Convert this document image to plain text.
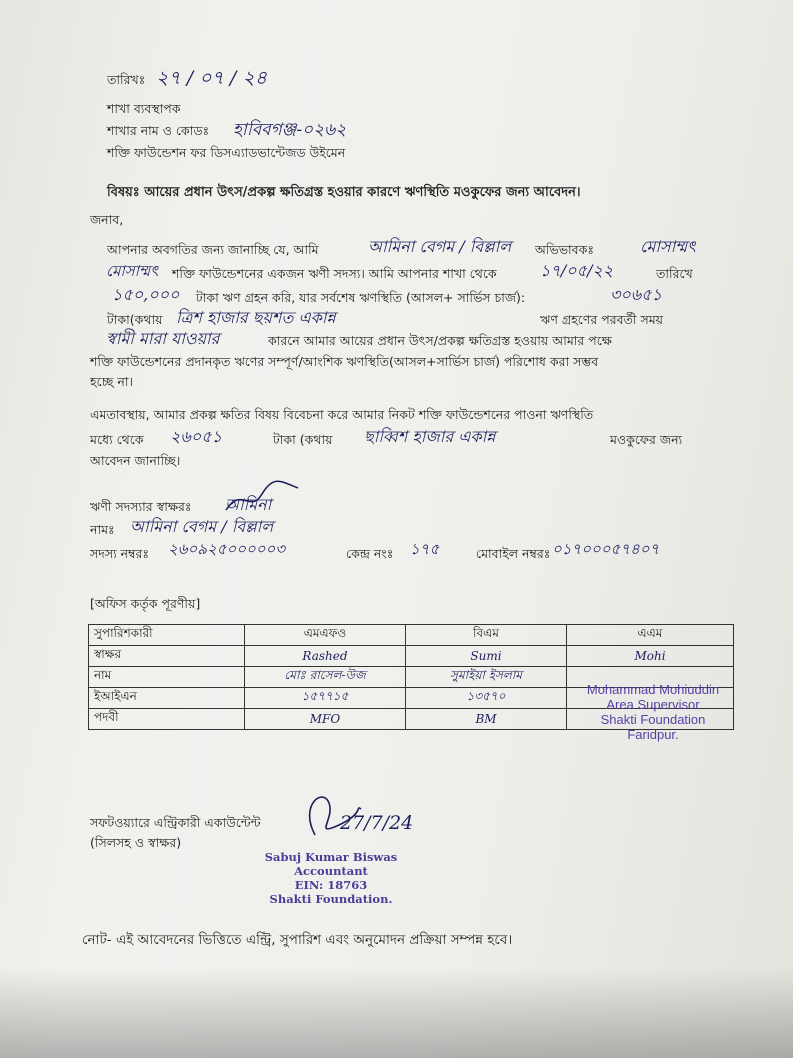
তারিখঃ ২৭ / ০৭ / ২৪
শাখা ব্যবস্থাপক
শাখার নাম ও কোডঃ হাবিবগঞ্জ-০২৬২
শক্তি ফাউন্ডেশন ফর ডিসএ্যাডভান্টেজড উইমেন
বিষয়ঃ আয়ের প্রধান উৎস/প্রকল্প ক্ষতিগ্রস্ত হওয়ার কারণে ঋণস্থিতি মওকুফের জন্য আবেদন।
জনাব,
আপনার অবগতির জন্য জানাচ্ছি যে, আমি	আমিনা বেগম / বিল্লাল অভিভাবকঃ	মোসাম্মৎ
মোসাম্মৎ শক্তি ফাউন্ডেশনের একজন ঋণী সদস্য। আমি আপনার শাখা থেকে	১৭/০৫/২২	তারিখে
১৫০,০০০ টাকা ঋণ গ্রহন করি, যার সর্বশেষ ঋণস্থিতি (আসল+ সার্ভিস চার্জ):	৩০৬৫১
টাকা(কথায় ত্রিশ হাজার ছয়শত একান্ন	ঋণ গ্রহণের পরবর্তী সময়
স্বামী মারা যাওয়ার	কারনে আমার আয়ের প্রধান উৎস/প্রকল্প ক্ষতিগ্রস্ত হওয়ায় আমার পক্ষে
শক্তি ফাউন্ডেশনের প্রদানকৃত ঋণের সম্পূর্ণ/আংশিক ঋণস্থিতি(আসল+সার্ভিস চার্জ) পরিশোধ করা সম্ভব
হচ্ছে না।
এমতাবস্থায়, আমার প্রকল্প ক্ষতির বিষয় বিবেচনা করে আমার নিকট শক্তি ফাউন্ডেশনের পাওনা ঋণস্থিতি
মধ্যে থেকে ২৬০৫১	টাকা (কথায় ছাব্বিশ হাজার একান্ন	মওকুফের জন্য
আবেদন জানাচ্ছি।
ঋণী সদস্যার স্বাক্ষরঃ আমিনা
নামঃ আমিনা বেগম / বিল্লাল
সদস্য নম্বরঃ ২৬০৯২৫০০০০০৩	কেন্দ্র নংঃ ১৭৫	মোবাইল নম্বরঃ ০১৭০০০৫৭৪০৭
[অফিস কর্তৃক পূরণীয়]
সুপারিশকারী	এমএফও	বিএম	এএম
স্বাক্ষর	Rashed	Sumi	Mohi
নাম	মোঃ রাসেল-উজ	সুমাইয়া ইসলাম	
ইআইএন	১৫৭৭১৫	১৩৫৭০	
পদবী	MFO	BM	
Mohammad Mohiuddin
Area Supervisor
Shakti Foundation
Faridpur.
সফটওয়্যারে এন্ট্রিকারী একাউন্টেন্ট
(সিলসহ ও স্বাক্ষর)
27/7/24
Sabuj Kumar Biswas
Accountant
EIN: 18763
Shakti Foundation.
নোট- এই আবেদনের ভিত্তিতে এন্ট্রি, সুপারিশ এবং অনুমোদন প্রক্রিয়া সম্পন্ন হবে।
